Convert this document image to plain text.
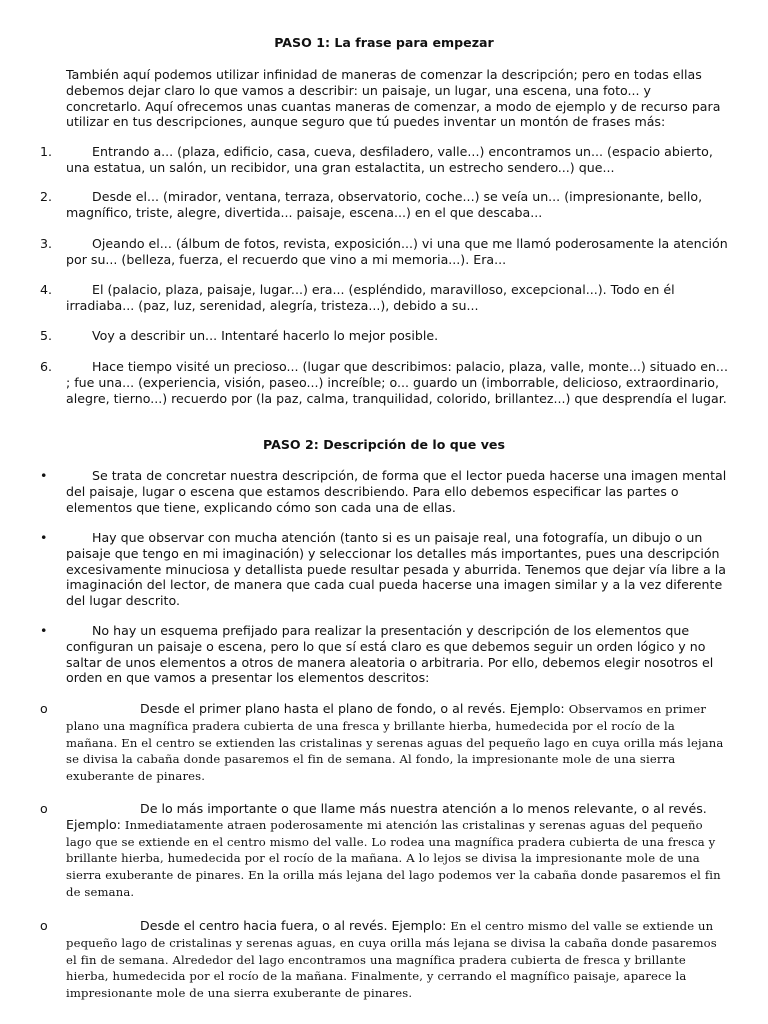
PASO 1: La frase para empezar

También aquí podemos utilizar infinidad de maneras de comenzar la descripción; pero en todas ellas debemos dejar claro lo que vamos a describir: un paisaje, un lugar, una escena, una foto... y concretarlo. Aquí ofrecemos unas cuantas maneras de comenzar, a modo de ejemplo y de recurso para utilizar en tus descripciones, aunque seguro que tú puedes inventar un montón de frases más:

1.	Entrando a... (plaza, edificio, casa, cueva, desfiladero, valle...) encontramos un... (espacio abierto, una estatua, un salón, un recibidor, una gran estalactita, un estrecho sendero...) que...
2.	Desde el... (mirador, ventana, terraza, observatorio, coche...) se veía un... (impresionante, bello, magnífico, triste, alegre, divertida... paisaje, escena...) en el que descaba...
3.	Ojeando el... (álbum de fotos, revista, exposición...) vi una que me llamó poderosamente la atención por su... (belleza, fuerza, el recuerdo que vino a mi memoria...). Era...
4.	El (palacio, plaza, paisaje, lugar...) era... (espléndido, maravilloso, excepcional...). Todo en él irradiaba... (paz, luz, serenidad, alegría, tristeza...), debido a su...
5.	Voy a describir un... Intentaré hacerlo lo mejor posible.
6.	Hace tiempo visité un precioso... (lugar que describimos: palacio, plaza, valle, monte...) situado en... ; fue una... (experiencia, visión, paseo...) increíble; o... guardo un (imborrable, delicioso, extraordinario, alegre, tierno...) recuerdo por (la paz, calma, tranquilidad, colorido, brillantez...) que desprendía el lugar.
PASO 2: Descripción de lo que ves
•	Se trata de concretar nuestra descripción, de forma que el lector pueda hacerse una imagen mental del paisaje, lugar o escena que estamos describiendo. Para ello debemos especificar las partes o elementos que tiene, explicando cómo son cada una de ellas.
•	Hay que observar con mucha atención (tanto si es un paisaje real, una fotografía, un dibujo o un paisaje que tengo en mi imaginación) y seleccionar los detalles más importantes, pues una descripción excesivamente minuciosa y detallista puede resultar pesada y aburrida. Tenemos que dejar vía libre a la imaginación del lector, de manera que cada cual pueda hacerse una imagen similar y a la vez diferente del lugar descrito.
•	No hay un esquema prefijado para realizar la presentación y descripción de los elementos que configuran un paisaje o escena, pero lo que sí está claro es que debemos seguir un orden lógico y no saltar de unos elementos a otros de manera aleatoria o arbitraria. Por ello, debemos elegir nosotros el orden en que vamos a presentar los elementos descritos:
o	Desde el primer plano hasta el plano de fondo, o al revés. Ejemplo: Observamos en primer plano una magnífica pradera cubierta de una fresca y brillante hierba, humedecida por el rocío de la mañana. En el centro se extienden las cristalinas y serenas aguas del pequeño lago en cuya orilla más lejana se divisa la cabaña donde pasaremos el fin de semana. Al fondo, la impresionante mole de una sierra exuberante de pinares.
o	De lo más importante o que llame más nuestra atención a lo menos relevante, o al revés. Ejemplo: Inmediatamente atraen poderosamente mi atención las cristalinas y serenas aguas del pequeño lago que se extiende en el centro mismo del valle. Lo rodea una magnífica pradera cubierta de una fresca y brillante hierba, humedecida por el rocío de la mañana. A lo lejos se divisa la impresionante mole de una sierra exuberante de pinares. En la orilla más lejana del lago podemos ver la cabaña donde pasaremos el fin de semana.
o	Desde el centro hacia fuera, o al revés. Ejemplo: En el centro mismo del valle se extiende un pequeño lago de cristalinas y serenas aguas, en cuya orilla más lejana se divisa la cabaña donde pasaremos el fin de semana. Alrededor del lago encontramos una magnífica pradera cubierta de fresca y brillante hierba, humedecida por el rocío de la mañana. Finalmente, y cerrando el magnífico paisaje, aparece la impresionante mole de una sierra exuberante de pinares.
